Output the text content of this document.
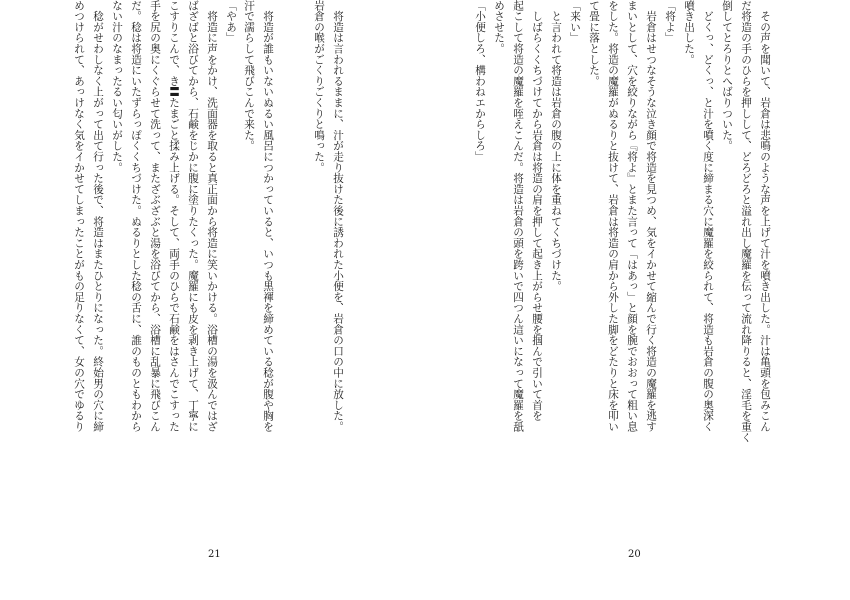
　将造は言われるままに、汁が走り抜けた後に誘われた小便を、岩倉の口の中に放した。
岩倉の喉がごくりごくりと鳴った。
　将造が誰もいないぬるい風呂につかっていると、いつも黒褌を締めている稔が腹や胸を
汗で濡らして飛びこんで来た。
「やあ」
　将造に声をかけ、洗面器を取ると真正面から将造に笑いかける。浴槽の湯を汲んではざ
ばざばと浴びてから、石鹸をじかに腹に塗りたくった。魔羅にも皮を剥き上げて、丁寧に
こすりこんで、き〓たまごと揉み上げる。そして、両手のひらで石鹸をはさんでこすった
手を尻の奥にくぐらせて洗って、またざぶざぶと湯を浴びてから、浴槽に乱暴に飛びこん
だ。稔は将造にいたずらっぽくくちづけた。ぬるりとした稔の舌に、誰のものともわから
ない汁のなまったるい匂いがした。
　稔がせわしなく上がって出て行った後で、将造はまたひとりになった。終始男の穴に締
めつけられて、あっけなく気をイかせてしまったことがもの足りなくて、女の穴でゆるり
21
　その声を聞いて、岩倉は悲鳴のような声を上げて汁を噴き出した。汁は亀頭を包みこん
だ将造の手のひらを押しして、どろどろと溢れ出し魔羅を伝って流れ降りると、淫毛を重く
倒してとろりとへばりついた。
　どくっ、どくっ、と汁を噴く度に締まる穴に魔羅を絞られて、将造も岩倉の腹の奥深く
噴き出した。
「将よ」
　岩倉はせつなそうな泣き顔で将造を見つめ、気をイかせて縮んで行く将造の魔羅を逃す
まいとして、穴を絞りながら『将よ』とまた言って「はあっ」と顔を腕でおおって粗い息
をした。将造の魔羅がぬるりと抜けて、岩倉は将造の肩から外した脚をどたりと床を叩い
て畳に落とした。
「来い」
　と言われて将造は岩倉の腹の上に体を重ねてくちづけた。
　しばらくくちづけてから岩倉は将造の肩を押して起き上がらせ腰を掴んで引いて首を
起こして将造の魔羅を咥えこんだ。将造は岩倉の頭を跨いで四つん這いになって魔羅を舐
めさせた。
「小便しろ、構わねエからしろ」
20
